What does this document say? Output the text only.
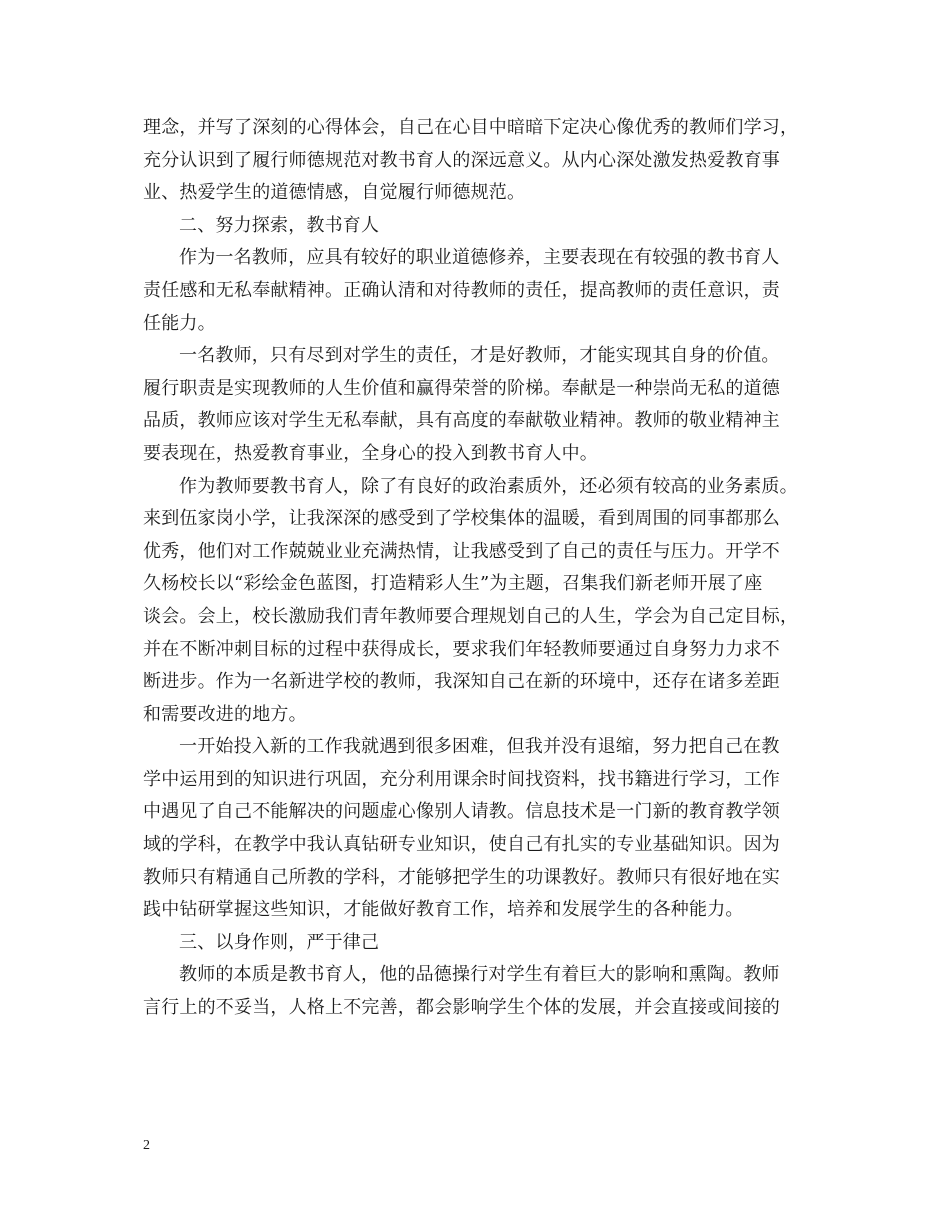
理念，并写了深刻的心得体会，自己在心目中暗暗下定决心像优秀的教师们学习，
充分认识到了履行师德规范对教书育人的深远意义。从内心深处激发热爱教育事
业、热爱学生的道德情感，自觉履行师德规范。
二、努力探索，教书育人
作为一名教师，应具有较好的职业道德修养，主要表现在有较强的教书育人
责任感和无私奉献精神。正确认清和对待教师的责任，提高教师的责任意识，责
任能力。
一名教师，只有尽到对学生的责任，才是好教师，才能实现其自身的价值。
履行职责是实现教师的人生价值和赢得荣誉的阶梯。奉献是一种崇尚无私的道德
品质，教师应该对学生无私奉献，具有高度的奉献敬业精神。教师的敬业精神主
要表现在，热爱教育事业，全身心的投入到教书育人中。
作为教师要教书育人，除了有良好的政治素质外，还必须有较高的业务素质。
来到伍家岗小学，让我深深的感受到了学校集体的温暖，看到周围的同事都那么
优秀，他们对工作兢兢业业充满热情，让我感受到了自己的责任与压力。开学不
久杨校长以“彩绘金色蓝图，打造精彩人生”为主题，召集我们新老师开展了座
谈会。会上，校长激励我们青年教师要合理规划自己的人生，学会为自己定目标，
并在不断冲刺目标的过程中获得成长，要求我们年轻教师要通过自身努力力求不
断进步。作为一名新进学校的教师，我深知自己在新的环境中，还存在诸多差距
和需要改进的地方。
一开始投入新的工作我就遇到很多困难，但我并没有退缩，努力把自己在教
学中运用到的知识进行巩固，充分利用课余时间找资料，找书籍进行学习，工作
中遇见了自己不能解决的问题虚心像别人请教。信息技术是一门新的教育教学领
域的学科，在教学中我认真钻研专业知识，使自己有扎实的专业基础知识。因为
教师只有精通自己所教的学科，才能够把学生的功课教好。教师只有很好地在实
践中钻研掌握这些知识，才能做好教育工作，培养和发展学生的各种能力。
三、以身作则，严于律己
教师的本质是教书育人，他的品德操行对学生有着巨大的影响和熏陶。教师
言行上的不妥当，人格上不完善，都会影响学生个体的发展，并会直接或间接的
2
